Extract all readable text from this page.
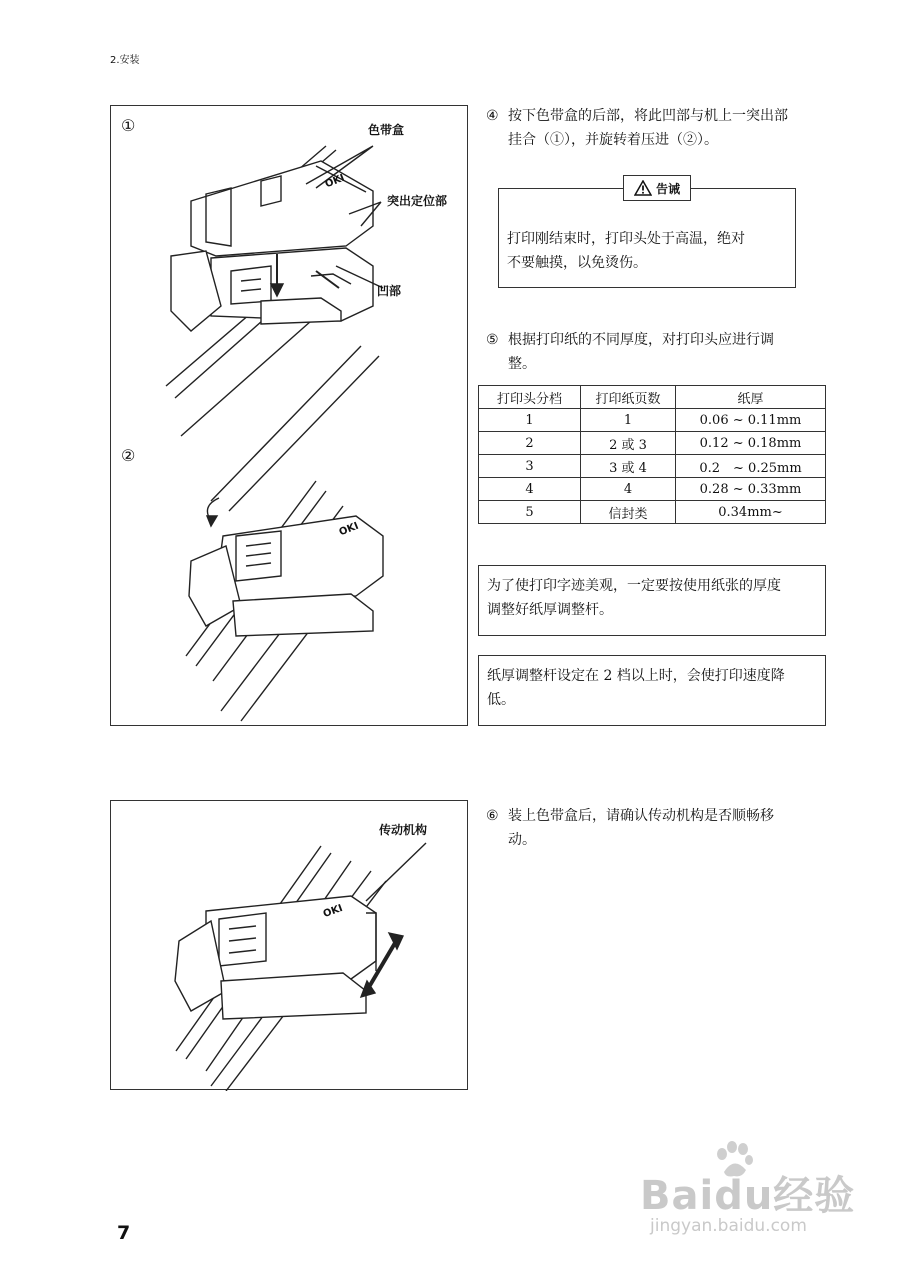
2.安装
7
①
②
色带盒
突出定位部
凹部
OKI
OKI
传动机构
OKI
④ 按下色带盒的后部，将此凹部与机上一突出部
挂合（①），并旋转着压进（②）。
告诫
打印刚结束时，打印头处于高温，绝对
不要触摸，以免烫伤。
⑤ 根据打印纸的不同厚度，对打印头应进行调
整。
打印头分档	打印纸页数	纸厚
1	1	0.06 ~ 0.11mm
2	2 或 3	0.12 ~ 0.18mm
3	3 或 4	0.2　~ 0.25mm
4	4	0.28 ~ 0.33mm
5	信封类	0.34mm~
为了使打印字迹美观，一定要按使用纸张的厚度
调整好纸厚调整杆。
纸厚调整杆设定在 2 档以上时，会使打印速度降
低。
⑥ 装上色带盒后，请确认传动机构是否顺畅移
动。
Baidu经验
jingyan.baidu.com
